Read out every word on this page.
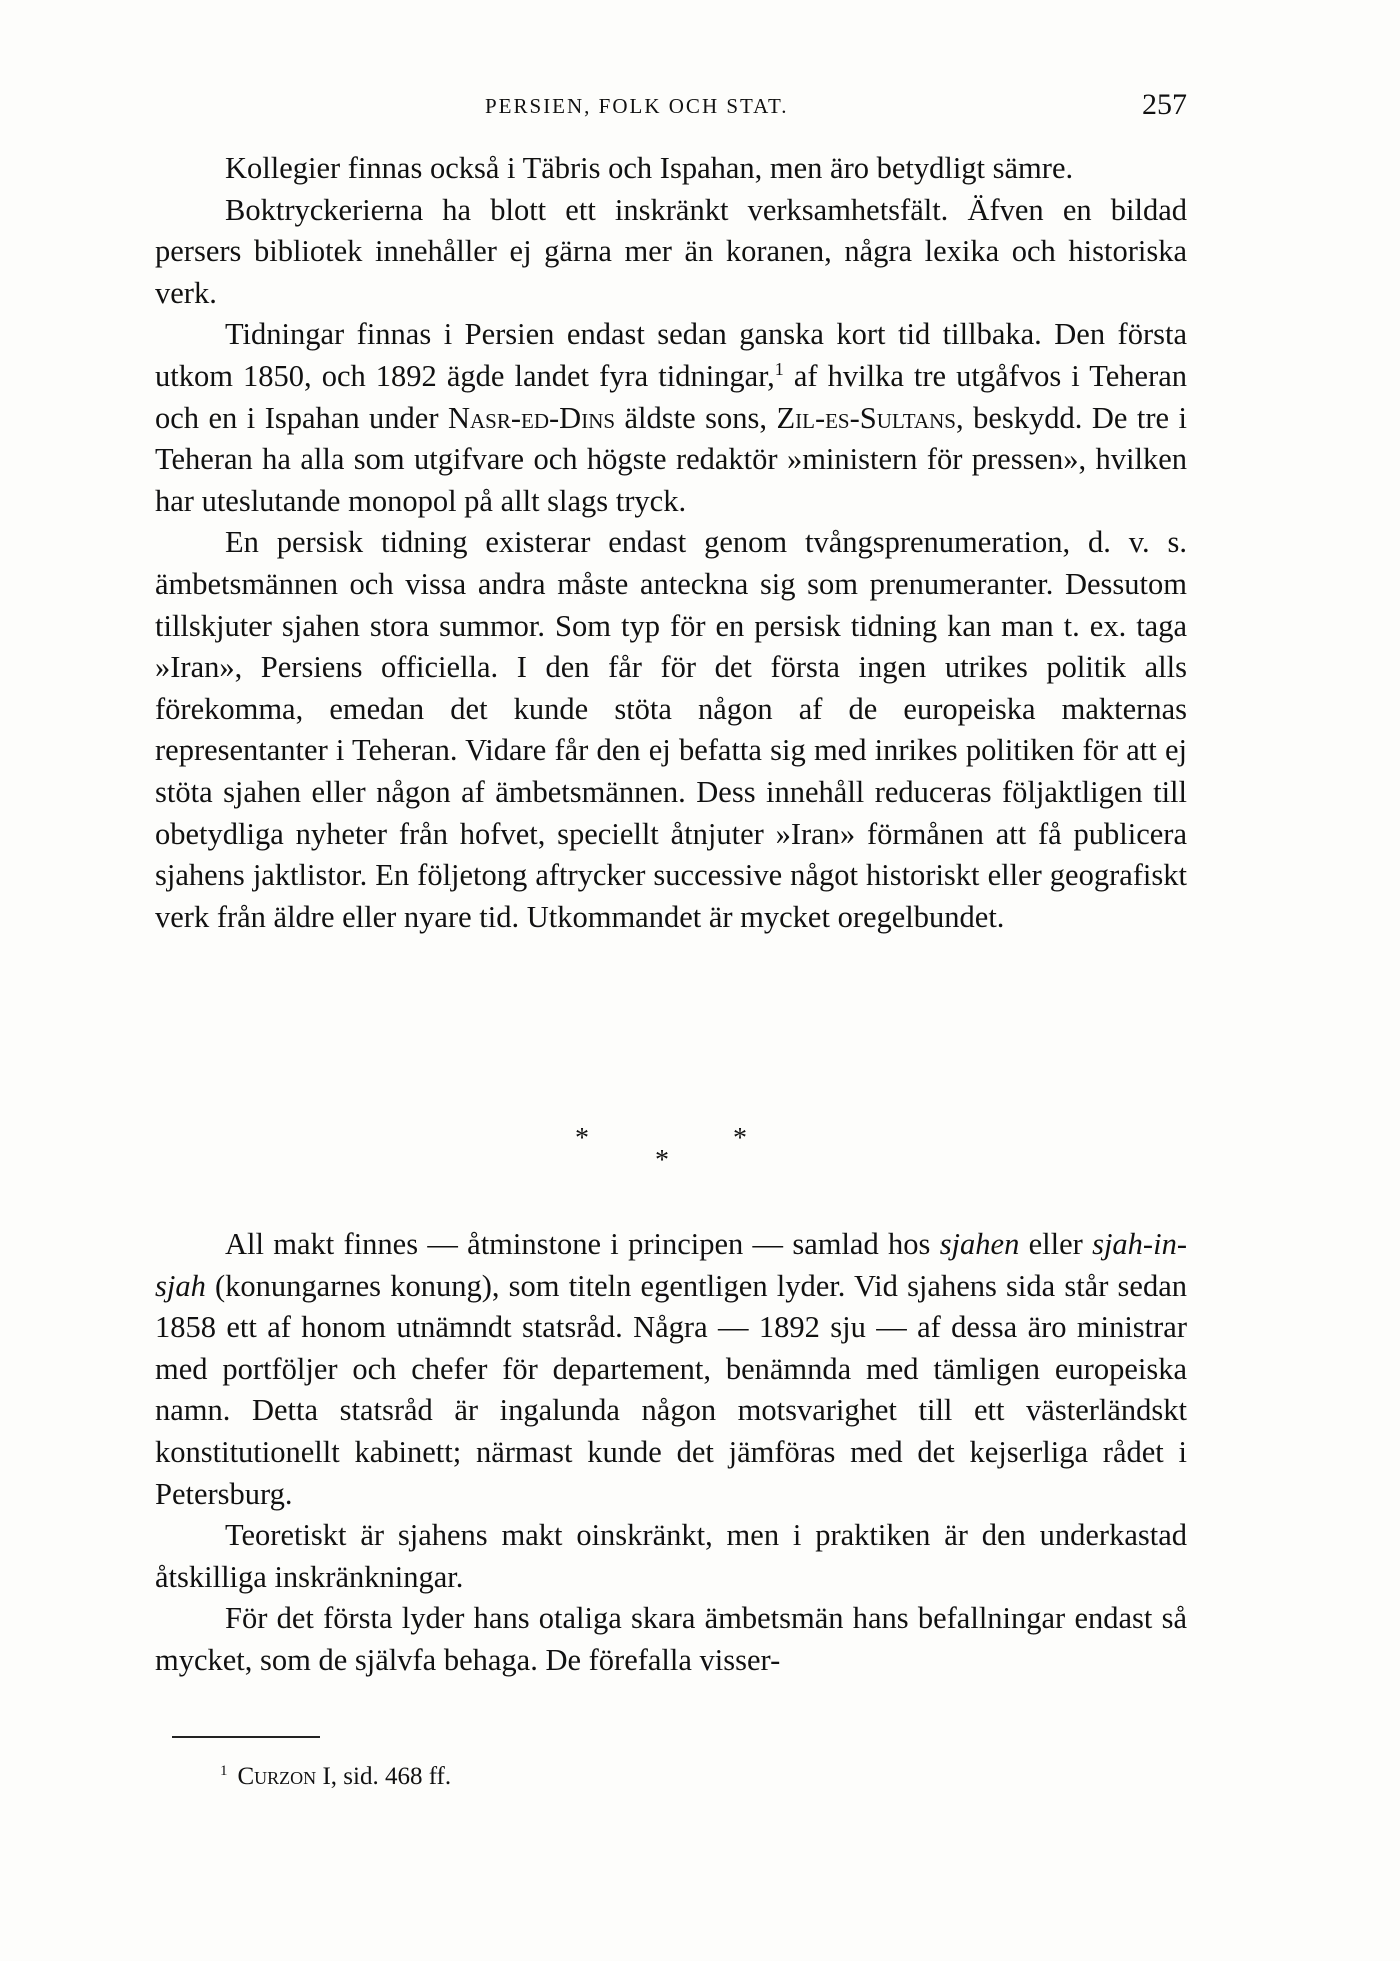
PERSIEN, FOLK OCH STAT.	257

Kollegier finnas också i Täbris och Ispahan, men äro betydligt sämre.

Boktryckerierna ha blott ett inskränkt verksamhetsfält. Äfven en bildad persers bibliotek innehåller ej gärna mer än koranen, några lexika och historiska verk.

Tidningar finnas i Persien endast sedan ganska kort tid tillbaka. Den första utkom 1850, och 1892 ägde landet fyra tidningar,$^1$ af hvilka tre utgåfvos i Teheran och en i Ispahan under Nasr-ed-Dins äldste sons, Zil-es-Sultans, beskydd. De tre i Teheran ha alla som utgifvare och högste redaktör »ministern för pressen», hvilken har uteslutande monopol på allt slags tryck.

En persisk tidning existerar endast genom tvångsprenumeration, d. v. s. ämbetsmännen och vissa andra måste anteckna sig som prenumeranter. Dessutom tillskjuter sjahen stora summor. Som typ för en persisk tidning kan man t. ex. taga »Iran», Persiens officiella. I den får för det första ingen utrikes politik alls förekomma, emedan det kunde stöta någon af de europeiska makternas representanter i Teheran. Vidare får den ej befatta sig med inrikes politiken för att ej stöta sjahen eller någon af ämbetsmännen. Dess innehåll reduceras följaktligen till obetydliga nyheter från hofvet, speciellt åtnjuter »Iran» förmånen att få publicera sjahens jaktlistor. En följetong aftrycker successive något historiskt eller geografiskt verk från äldre eller nyare tid. Utkommandet är mycket oregelbundet.

*
*
*

All makt finnes — åtminstone i principen — samlad hos sjahen eller sjah-in-sjah (konungarnes konung), som titeln egentligen lyder. Vid sjahens sida står sedan 1858 ett af honom utnämndt statsråd. Några — 1892 sju — af dessa äro ministrar med portföljer och chefer för departement, benämnda med tämligen europeiska namn. Detta statsråd är ingalunda någon motsvarighet till ett västerländskt konstitutionellt kabinett; närmast kunde det jämföras med det kejserliga rådet i Petersburg.

Teoretiskt är sjahens makt oinskränkt, men i praktiken är den underkastad åtskilliga inskränkningar.

För det första lyder hans otaliga skara ämbetsmän hans befallningar endast så mycket, som de självfa behaga. De förefalla visser-

$^1$ Curzon I, sid. 468 ff.
